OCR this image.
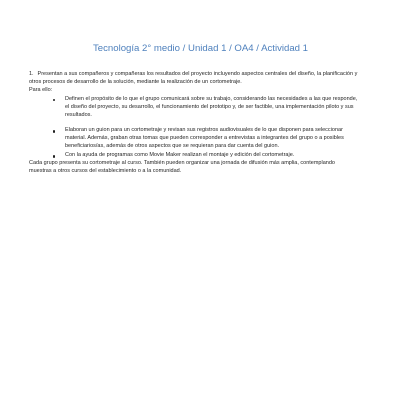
Tecnología 2° medio / Unidad 1 / OA4 / Actividad 1

1. Presentan a sus compañeros y compañeras los resultados del proyecto incluyendo aspectos centrales del diseño, la planificación y otros procesos de desarrollo de la solución, mediante la realización de un cortometraje.

Para ello:

Definen el propósito de lo que el grupo comunicará sobre su trabajo, considerando las necesidades a las que responde, el diseño del proyecto, su desarrollo, el funcionamiento del prototipo y, de ser factible, una implementación piloto y sus resultados.
Elaboran un guion para un cortometraje y revisan sus registros audiovisuales de lo que disponen para seleccionar material. Además, graban otras tomas que pueden corresponder a entrevistas a integrantes del grupo o a posibles beneficiarios/as, además de otros aspectos que se requieran para dar cuenta del guion.
Con la ayuda de programas como Movie Maker realizan el montaje y edición del cortometraje.

Cada grupo presenta su cortometraje al curso. También pueden organizar una jornada de difusión más amplia, contemplando muestras a otros cursos del establecimiento o a la comunidad.
